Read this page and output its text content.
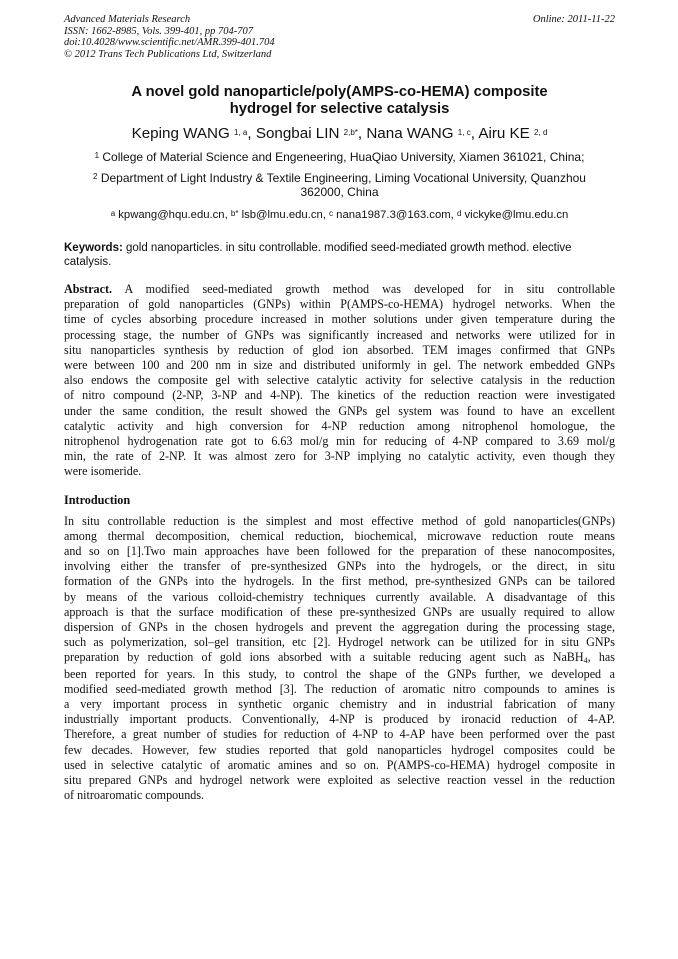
Advanced Materials Research
ISSN: 1662-8985, Vols. 399-401, pp 704-707
doi:10.4028/www.scientific.net/AMR.399-401.704
© 2012 Trans Tech Publications Ltd, Switzerland
Online: 2011-11-22
A novel gold nanoparticle/poly(AMPS-co-HEMA) composite
hydrogel for selective catalysis
Keping WANG $^{1, a}$, Songbai LIN $^{2,b*}$, Nana WANG $^{1, c}$, Airu KE $^{2, d}$
$^1$ College of Material Science and Engeneering, HuaQiao University, Xiamen 361021, China;
$^2$ Department of Light Industry & Textile Engineering, Liming Vocational University, Quanzhou
362000, China
$^a$ kpwang@hqu.edu.cn, $^{b*}$ lsb@lmu.edu.cn, $^c$ nana1987.3@163.com, $^d$ vickyke@lmu.edu.cn
Keywords: gold nanoparticles. in situ controllable. modified seed-mediated growth method. elective
catalysis.
Abstract. A modified seed-mediated growth method was developed for in situ controllable
preparation of gold nanoparticles (GNPs) within P(AMPS-co-HEMA) hydrogel networks. When the
time of cycles absorbing procedure increased in mother solutions under given temperature during the
processing stage, the number of GNPs was significantly increased and networks were utilized for in
situ nanoparticles synthesis by reduction of glod ion absorbed. TEM images confirmed that GNPs
were between 100 and 200 nm in size and distributed uniformly in gel. The network embedded GNPs
also endows the composite gel with selective catalytic activity for selective catalysis in the reduction
of nitro compound (2-NP, 3-NP and 4-NP). The kinetics of the reduction reaction were investigated
under the same condition, the result showed the GNPs gel system was found to have an excellent
catalytic activity and high conversion for 4-NP reduction among nitrophenol homologue, the
nitrophenol hydrogenation rate got to 6.63 mol/g min for reducing of 4-NP compared to 3.69 mol/g
min, the rate of 2-NP. It was almost zero for 3-NP implying no catalytic activity, even though they
were isomeride.
Introduction
In situ controllable reduction is the simplest and most effective method of gold nanoparticles(GNPs)
among thermal decomposition, chemical reduction, biochemical, microwave reduction route means
and so on [1].Two main approaches have been followed for the preparation of these nanocomposites,
involving either the transfer of pre-synthesized GNPs into the hydrogels, or the direct, in situ
formation of the GNPs into the hydrogels. In the first method, pre-synthesized GNPs can be tailored
by means of the various colloid-chemistry techniques currently available. A disadvantage of this
approach is that the surface modification of these pre-synthesized GNPs are usually required to allow
dispersion of GNPs in the chosen hydrogels and prevent the aggregation during the processing stage,
such as polymerization, sol–gel transition, etc [2]. Hydrogel network can be utilized for in situ GNPs
preparation by reduction of gold ions absorbed with a suitable reducing agent such as NaBH$_4$, has
been reported for years. In this study, to control the shape of the GNPs further, we developed a
modified seed-mediated growth method [3]. The reduction of aromatic nitro compounds to amines is
a very important process in synthetic organic chemistry and in industrial fabrication of many
industrially important products. Conventionally, 4-NP is produced by ironacid reduction of 4-AP.
Therefore, a great number of studies for reduction of 4-NP to 4-AP have been performed over the past
few decades. However, few studies reported that gold nanoparticles hydrogel composites could be
used in selective catalytic of aromatic amines and so on. P(AMPS-co-HEMA) hydrogel composite in
situ prepared GNPs and hydrogel network were exploited as selective reaction vessel in the reduction
of nitroaromatic compounds.
